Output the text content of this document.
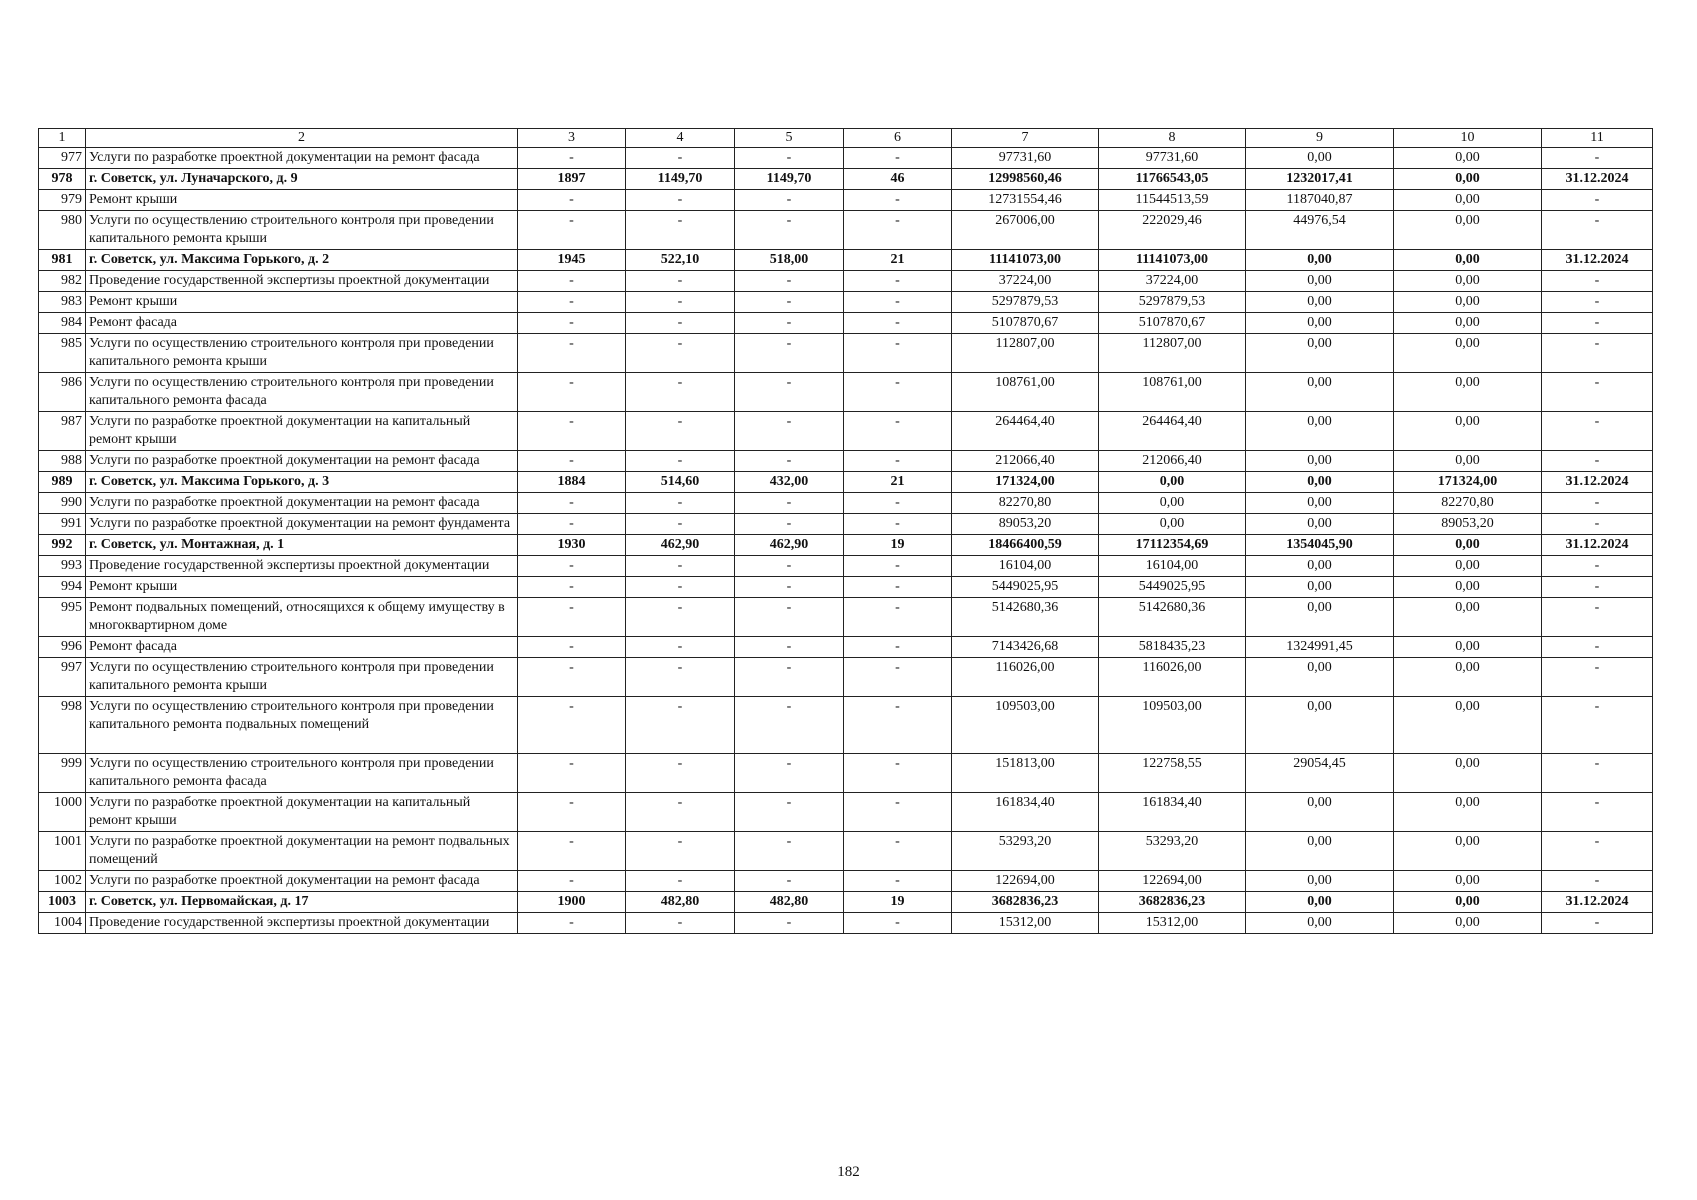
1	2	3	4	5	6	7	8	9	10	11
977	Услуги по разработке проектной документации на ремонт фасада	-	-	-	-	97731,60	97731,60	0,00	0,00	-
978	г. Советск, ул. Луначарского, д. 9	1897	1149,70	1149,70	46	12998560,46	11766543,05	1232017,41	0,00	31.12.2024
979	Ремонт крыши	-	-	-	-	12731554,46	11544513,59	1187040,87	0,00	-
980	Услуги по осуществлению строительного контроля при проведении капитального ремонта крыши	-	-	-	-	267006,00	222029,46	44976,54	0,00	-
981	г. Советск, ул. Максима Горького, д. 2	1945	522,10	518,00	21	11141073,00	11141073,00	0,00	0,00	31.12.2024
982	Проведение государственной экспертизы проектной документации	-	-	-	-	37224,00	37224,00	0,00	0,00	-
983	Ремонт крыши	-	-	-	-	5297879,53	5297879,53	0,00	0,00	-
984	Ремонт фасада	-	-	-	-	5107870,67	5107870,67	0,00	0,00	-
985	Услуги по осуществлению строительного контроля при проведении капитального ремонта крыши	-	-	-	-	112807,00	112807,00	0,00	0,00	-
986	Услуги по осуществлению строительного контроля при проведении капитального ремонта фасада	-	-	-	-	108761,00	108761,00	0,00	0,00	-
987	Услуги по разработке проектной документации на капитальный ремонт крыши	-	-	-	-	264464,40	264464,40	0,00	0,00	-
988	Услуги по разработке проектной документации на ремонт фасада	-	-	-	-	212066,40	212066,40	0,00	0,00	-
989	г. Советск, ул. Максима Горького, д. 3	1884	514,60	432,00	21	171324,00	0,00	0,00	171324,00	31.12.2024
990	Услуги по разработке проектной документации на ремонт фасада	-	-	-	-	82270,80	0,00	0,00	82270,80	-
991	Услуги по разработке проектной документации на ремонт фундамента	-	-	-	-	89053,20	0,00	0,00	89053,20	-
992	г. Советск, ул. Монтажная, д. 1	1930	462,90	462,90	19	18466400,59	17112354,69	1354045,90	0,00	31.12.2024
993	Проведение государственной экспертизы проектной документации	-	-	-	-	16104,00	16104,00	0,00	0,00	-
994	Ремонт крыши	-	-	-	-	5449025,95	5449025,95	0,00	0,00	-
995	Ремонт подвальных помещений, относящихся к общему имуществу в многоквартирном доме	-	-	-	-	5142680,36	5142680,36	0,00	0,00	-
996	Ремонт фасада	-	-	-	-	7143426,68	5818435,23	1324991,45	0,00	-
997	Услуги по осуществлению строительного контроля при проведении капитального ремонта крыши	-	-	-	-	116026,00	116026,00	0,00	0,00	-
998	Услуги по осуществлению строительного контроля при проведении капитального ремонта подвальных помещений	-	-	-	-	109503,00	109503,00	0,00	0,00	-
999	Услуги по осуществлению строительного контроля при проведении капитального ремонта фасада	-	-	-	-	151813,00	122758,55	29054,45	0,00	-
1000	Услуги по разработке проектной документации на капитальный ремонт крыши	-	-	-	-	161834,40	161834,40	0,00	0,00	-
1001	Услуги по разработке проектной документации на ремонт подвальных помещений	-	-	-	-	53293,20	53293,20	0,00	0,00	-
1002	Услуги по разработке проектной документации на ремонт фасада	-	-	-	-	122694,00	122694,00	0,00	0,00	-
1003	г. Советск, ул. Первомайская, д. 17	1900	482,80	482,80	19	3682836,23	3682836,23	0,00	0,00	31.12.2024
1004	Проведение государственной экспертизы проектной документации	-	-	-	-	15312,00	15312,00	0,00	0,00	-
182
